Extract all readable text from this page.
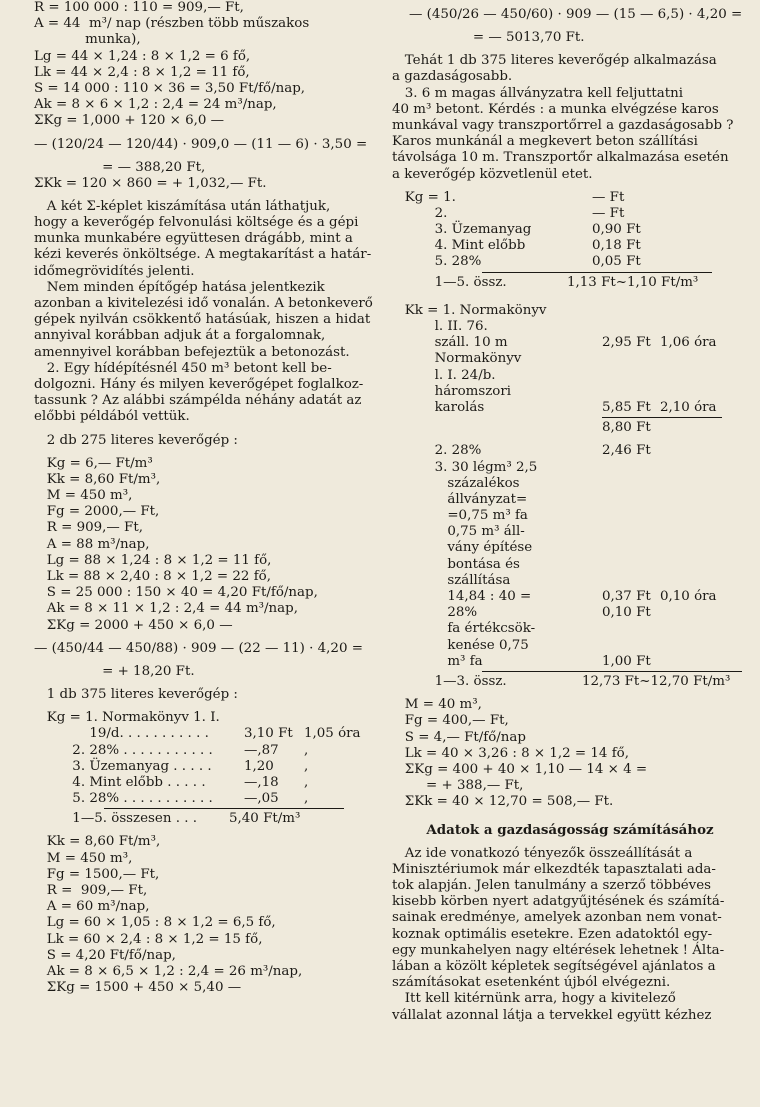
R = 100 000 : 110 = 909,— Ft,
A = 44  m³/ nap (részben több műszakos
munka),
Lg = 44 × 1,24 : 8 × 1,2 = 6 fő,
Lk = 44 × 2,4 : 8 × 1,2 = 11 fő,
S = 14 000 : 110 × 36 = 3,50 Ft/fő/nap,
Ak = 8 × 6 × 1,2 : 2,4 = 24 m³/nap,
ΣKg = 1,000 + 120 × 6,0 —
— (120/24 — 120/44) · 909,0 — (11 — 6) · 3,50 =
= — 388,20 Ft,
ΣKk = 120 × 860 = + 1,032,— Ft.
A két Σ-képlet kiszámítása után láthatjuk,
hogy a keverőgép felvonulási költsége és a gépi
munka munkabére együttesen drágább, mint a
kézi keverés önköltsége. A megtakarítást a határ-
időmegrövidítés jelenti.
Nem minden építőgép hatása jelentkezik
azonban a kivitelezési idő vonalán. A betonkeverő
gépek nyilván csökkentő hatásúak, hiszen a hidat
annyival korábban adjuk át a forgalomnak,
amennyivel korábban befejeztük a betonozást.
2. Egy hídépítésnél 450 m³ betont kell be-
dolgozni. Hány és milyen keverőgépet foglalkoz-
tassunk ? Az alábbi számpélda néhány adatát az
előbbi példából vettük.
2 db 275 literes keverőgép :
Kg = 6,— Ft/m³
Kk = 8,60 Ft/m³,
M = 450 m³,
Fg = 2000,— Ft,
R = 909,— Ft,
A = 88 m³/nap,
Lg = 88 × 1,24 : 8 × 1,2 = 11 fő,
Lk = 88 × 2,40 : 8 × 1,2 = 22 fő,
S = 25 000 : 150 × 40 = 4,20 Ft/fő/nap,
Ak = 8 × 11 × 1,2 : 2,4 = 44 m³/nap,
ΣKg = 2000 + 450 × 6,0 —
— (450/44 — 450/88) · 909 — (22 — 11) · 4,20 =
= + 18,20 Ft.
1 db 375 literes keverőgép :
Kg = 1. Normakönyv 1. I.
19/d. . . . . . . . . . .	3,10 Ft 1,05 óra
2. 28% . . . . . . . . . . . —,87 ,
3. Üzemanyag . . . . . 1,20 ,
4. Mint előbb . . . . .	—,18 ,
5. 28% . . . . . . . . . . . —,05 ,
1—5. összesen . . . 5,40 Ft/m³
Kk = 8,60 Ft/m³,
M = 450 m³,
Fg = 1500,— Ft,
R =  909,— Ft,
A = 60 m³/nap,
Lg = 60 × 1,05 : 8 × 1,2 = 6,5 fő,
Lk = 60 × 2,4 : 8 × 1,2 = 15 fő,
S = 4,20 Ft/fő/nap,
Ak = 8 × 6,5 × 1,2 : 2,4 = 26 m³/nap,
ΣKg = 1500 + 450 × 5,40 —
— (450/26 — 450/60) · 909 — (15 — 6,5) · 4,20 =
= — 5013,70 Ft.
Tehát 1 db 375 literes keverőgép alkalmazása
a gazdaságosabb.
3. 6 m magas állványzatra kell feljuttatni
40 m³ betont. Kérdés : a munka elvégzése karos
munkával vagy transzportőrrel a gazdaságosabb ?
Karos munkánál a megkevert beton szállítási
távolsága 10 m. Transzportőr alkalmazása esetén
a keverőgép közvetlenül etet.
Kg = 1.	— Ft
2.	— Ft
3. Üzemanyag	0,90 Ft
4. Mint előbb	0,18 Ft
5. 28%	0,05 Ft
1—5. össz.	1,13 Ft~1,10 Ft/m³
Kk = 1. Normakönyv
l. II. 76.
száll. 10 m	2,95 Ft 1,06 óra
Normakönyv
l. I. 24/b.
háromszori
karolás	5,85 Ft 2,10 óra
8,80 Ft
2. 28%	2,46 Ft
3. 30 légm³ 2,5
százalékos
állványzat=
=0,75 m³ fa
0,75 m³ áll-
vány építése
bontása és
szállítása
14,84 : 40 =	0,37 Ft 0,10 óra
28%	0,10 Ft
fa értékcsök-
kenése 0,75
m³ fa	1,00 Ft
1—3. össz.	12,73 Ft~12,70 Ft/m³
M = 40 m³,
Fg = 400,— Ft,
S = 4,— Ft/fő/nap
Lk = 40 × 3,26 : 8 × 1,2 = 14 fő,
ΣKg = 400 + 40 × 1,10 — 14 × 4 =
= + 388,— Ft,
ΣKk = 40 × 12,70 = 508,— Ft.
Adatok a gazdaságosság számításához
Az ide vonatkozó tényezők összeállítását a
Minisztériumok már elkezdték tapasztalati ada-
tok alapján. Jelen tanulmány a szerző többéves
kisebb körben nyert adatgyűjtésének és számítá-
sainak eredménye, amelyek azonban nem vonat-
koznak optimális esetekre. Ezen adatoktól egy-
egy munkahelyen nagy eltérések lehetnek ! Álta-
lában a közölt képletek segítségével ajánlatos a
számításokat esetenként újból elvégezni.
Itt kell kitérnünk arra, hogy a kivitelező
vállalat azonnal látja a tervekkel együtt kézhez
